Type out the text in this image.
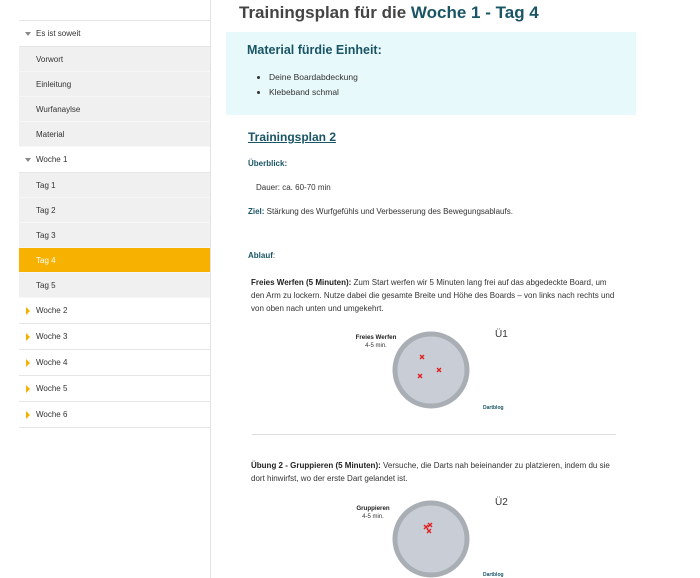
Es ist soweit
Vorwort
Einleitung
Wurfanaylse
Material
Woche 1
Tag 1
Tag 2
Tag 3
Tag 4
Tag 5
Woche 2
Woche 3
Woche 4
Woche 5
Woche 6
Trainingsplan für die Woche 1 - Tag 4
Material fürdie Einheit:
• Deine Boardabdeckung
• Klebeband schmal
Trainingsplan 2
Überblick:
Dauer: ca. 60-70 min
Ziel: Stärkung des Wurfgefühls und Verbesserung des Bewegungsablaufs.
Ablauf:

Freies Werfen (5 Minuten): Zum Start werfen wir 5 Minuten lang frei auf das abgedeckte Board, um den Arm zu lockern. Nutze dabei die gesamte Breite und Höhe des Boards – von links nach rechts und von oben nach unten und umgekehrt.

Freies Werfen
4-5 min.
Ü1
Dartblog

Übung 2 - Gruppieren (5 Minuten): Versuche, die Darts nah beieinander zu platzieren, indem du sie dort hinwirfst, wo der erste Dart gelandet ist.

Gruppieren
4-5 min.
Ü2
Dartblog
